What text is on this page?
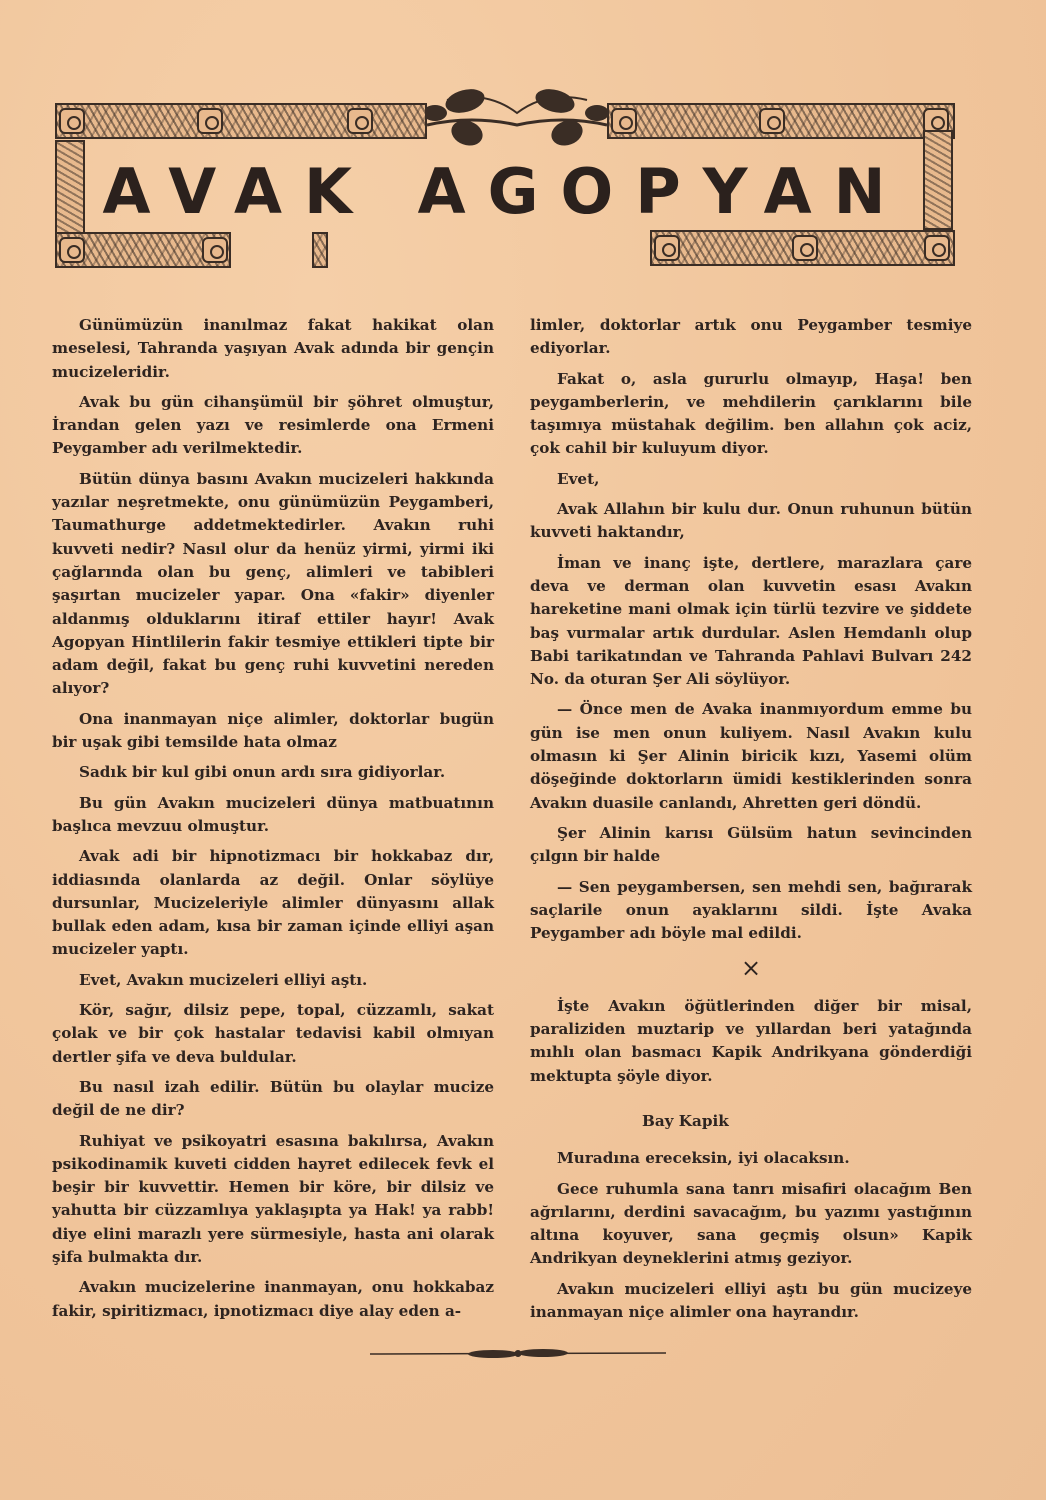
AVAK AGOPYAN

Günümüzün inanılmaz fakat hakikat olan meselesi, Tahranda yaşıyan Avak adında bir gençin mucizeleridir.

Avak bu gün cihanşümül bir şöhret olmuştur, İrandan gelen yazı ve resimlerde ona Ermeni Peygamber adı verilmektedir.

Bütün dünya basını Avakın mucizeleri hakkında yazılar neşretmekte, onu günümüzün Peygamberi, Taumathurge addetmektedirler. Avakın ruhi kuvveti nedir? Nasıl olur da henüz yirmi, yirmi iki çağlarında olan bu genç, alimleri ve tabibleri şaşırtan mucizeler yapar. Ona «fakir» diyenler aldanmış olduklarını itiraf ettiler hayır! Avak Agopyan Hintlilerin fakir tesmiye ettikleri tipte bir adam değil, fakat bu genç ruhi kuvvetini nereden alıyor?

Ona inanmayan niçe alimler, doktorlar bugün bir uşak gibi temsilde hata olmaz

Sadık bir kul gibi onun ardı sıra gidiyorlar.

Bu gün Avakın mucizeleri dünya matbuatının başlıca mevzuu olmuştur.

Avak adi bir hipnotizmacı bir hokkabaz dır, iddiasında olanlarda az değil. Onlar söylüye dursunlar, Mucizeleriyle alimler dünyasını allak bullak eden adam, kısa bir zaman içinde elliyi aşan mucizeler yaptı.

Evet, Avakın mucizeleri elliyi aştı.

Kör, sağır, dilsiz pepe, topal, cüzzamlı, sakat çolak ve bir çok hastalar tedavisi kabil olmıyan dertler şifa ve deva buldular.

Bu nasıl izah edilir. Bütün bu olaylar mucize değil de ne dir?

Ruhiyat ve psikoyatri esasına bakılırsa, Avakın psikodinamik kuveti cidden hayret edilecek fevk el beşir bir kuvvettir. Hemen bir köre, bir dilsiz ve yahutta bir cüzzamlıya yaklaşıpta ya Hak! ya rabb! diye elini marazlı yere sürmesiyle, hasta ani olarak şifa bulmakta dır.

Avakın mucizelerine inanmayan, onu hokkabaz fakir, spiritizmacı, ipnotizmacı diye alay eden a-

limler, doktorlar artık onu Peygamber tesmiye ediyorlar.

Fakat o, asla gururlu olmayıp, Haşa! ben peygamberlerin, ve mehdilerin çarıklarını bile taşımıya müstahak değilim. ben allahın çok aciz, çok cahil bir kuluyum diyor.

Evet,

Avak Allahın bir kulu dur. Onun ruhunun bütün kuvveti haktandır,

İman ve inanç işte, dertlere, marazlara çare deva ve derman olan kuvvetin esası Avakın hareketine mani olmak için türlü tezvire ve şiddete baş vurmalar artık durdular. Aslen Hemdanlı olup Babi tarikatından ve Tahranda Pahlavi Bulvarı 242 No. da oturan Şer Ali söylüyor.

— Önce men de Avaka inanmıyordum emme bu gün ise men onun kuliyem. Nasıl Avakın kulu olmasın ki Şer Alinin biricik kızı, Yasemi olüm döşeğinde doktorların ümidi kestiklerinden sonra Avakın duasile canlandı, Ahretten geri döndü.

Şer Alinin karısı Gülsüm hatun sevincinden çılgın bir halde

— Sen peygambersen, sen mehdi sen, bağırarak saçlarile onun ayaklarını sildi. İşte Avaka Peygamber adı böyle mal edildi.

×

İşte Avakın öğütlerinden diğer bir misal, paraliziden muztarip ve yıllardan beri yatağında mıhlı olan basmacı Kapik Andrikyana gönderdiği mektupta şöyle diyor.

Bay Kapik

Muradına ereceksin, iyi olacaksın.

Gece ruhumla sana tanrı misafiri olacağım Ben ağrılarını, derdini savacağım, bu yazımı yastığının altına koyuver, sana geçmiş olsun» Kapik Andrikyan deyneklerini atmış geziyor.

Avakın mucizeleri elliyi aştı bu gün mucizeye inanmayan niçe alimler ona hayrandır.
